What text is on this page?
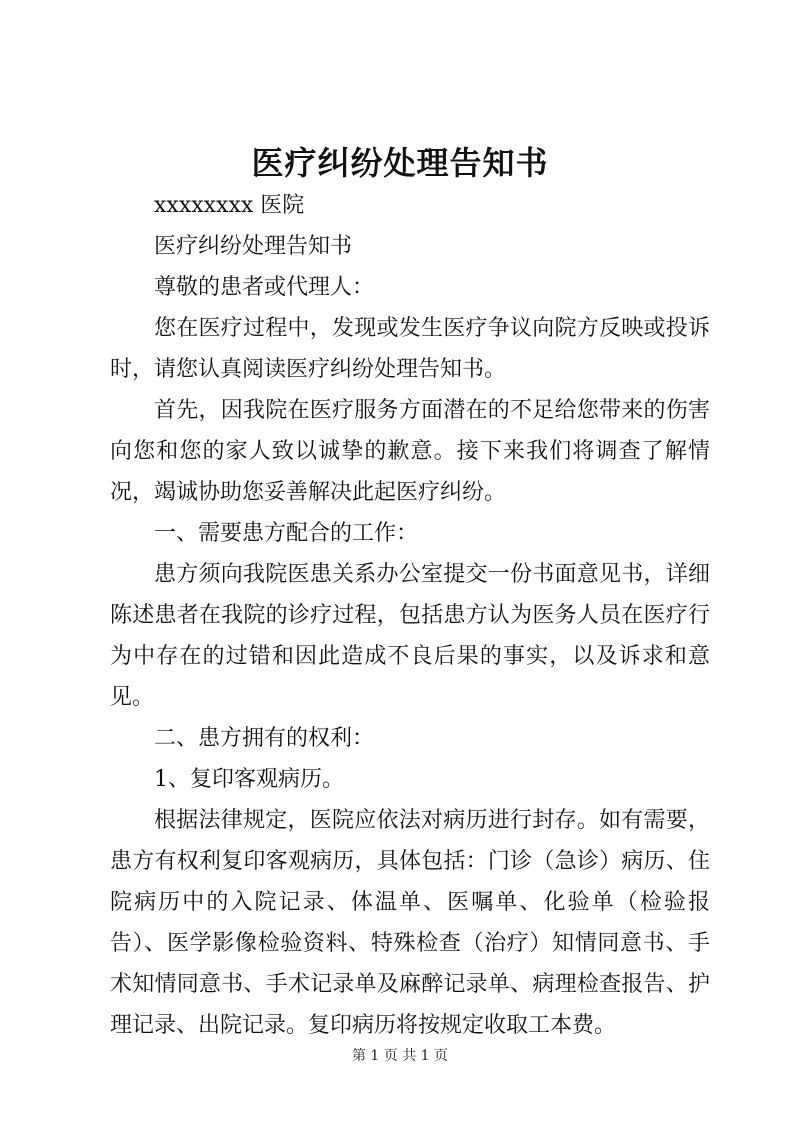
医疗纠纷处理告知书

xxxxxxxx 医院

医疗纠纷处理告知书

尊敬的患者或代理人：

您在医疗过程中，发现或发生医疗争议向院方反映或投诉时，请您认真阅读医疗纠纷处理告知书。

首先，因我院在医疗服务方面潜在的不足给您带来的伤害向您和您的家人致以诚挚的歉意。接下来我们将调查了解情况，竭诚协助您妥善解决此起医疗纠纷。

一、需要患方配合的工作：

患方须向我院医患关系办公室提交一份书面意见书，详细陈述患者在我院的诊疗过程，包括患方认为医务人员在医疗行为中存在的过错和因此造成不良后果的事实，以及诉求和意见。

二、患方拥有的权利：

1、复印客观病历。

根据法律规定，医院应依法对病历进行封存。如有需要，患方有权利复印客观病历，具体包括：门诊（急诊）病历、住院病历中的入院记录、体温单、医嘱单、化验单（检验报告）、医学影像检验资料、特殊检查（治疗）知情同意书、手术知情同意书、手术记录单及麻醉记录单、病理检查报告、护理记录、出院记录。复印病历将按规定收取工本费。

第 1 页 共 1 页
